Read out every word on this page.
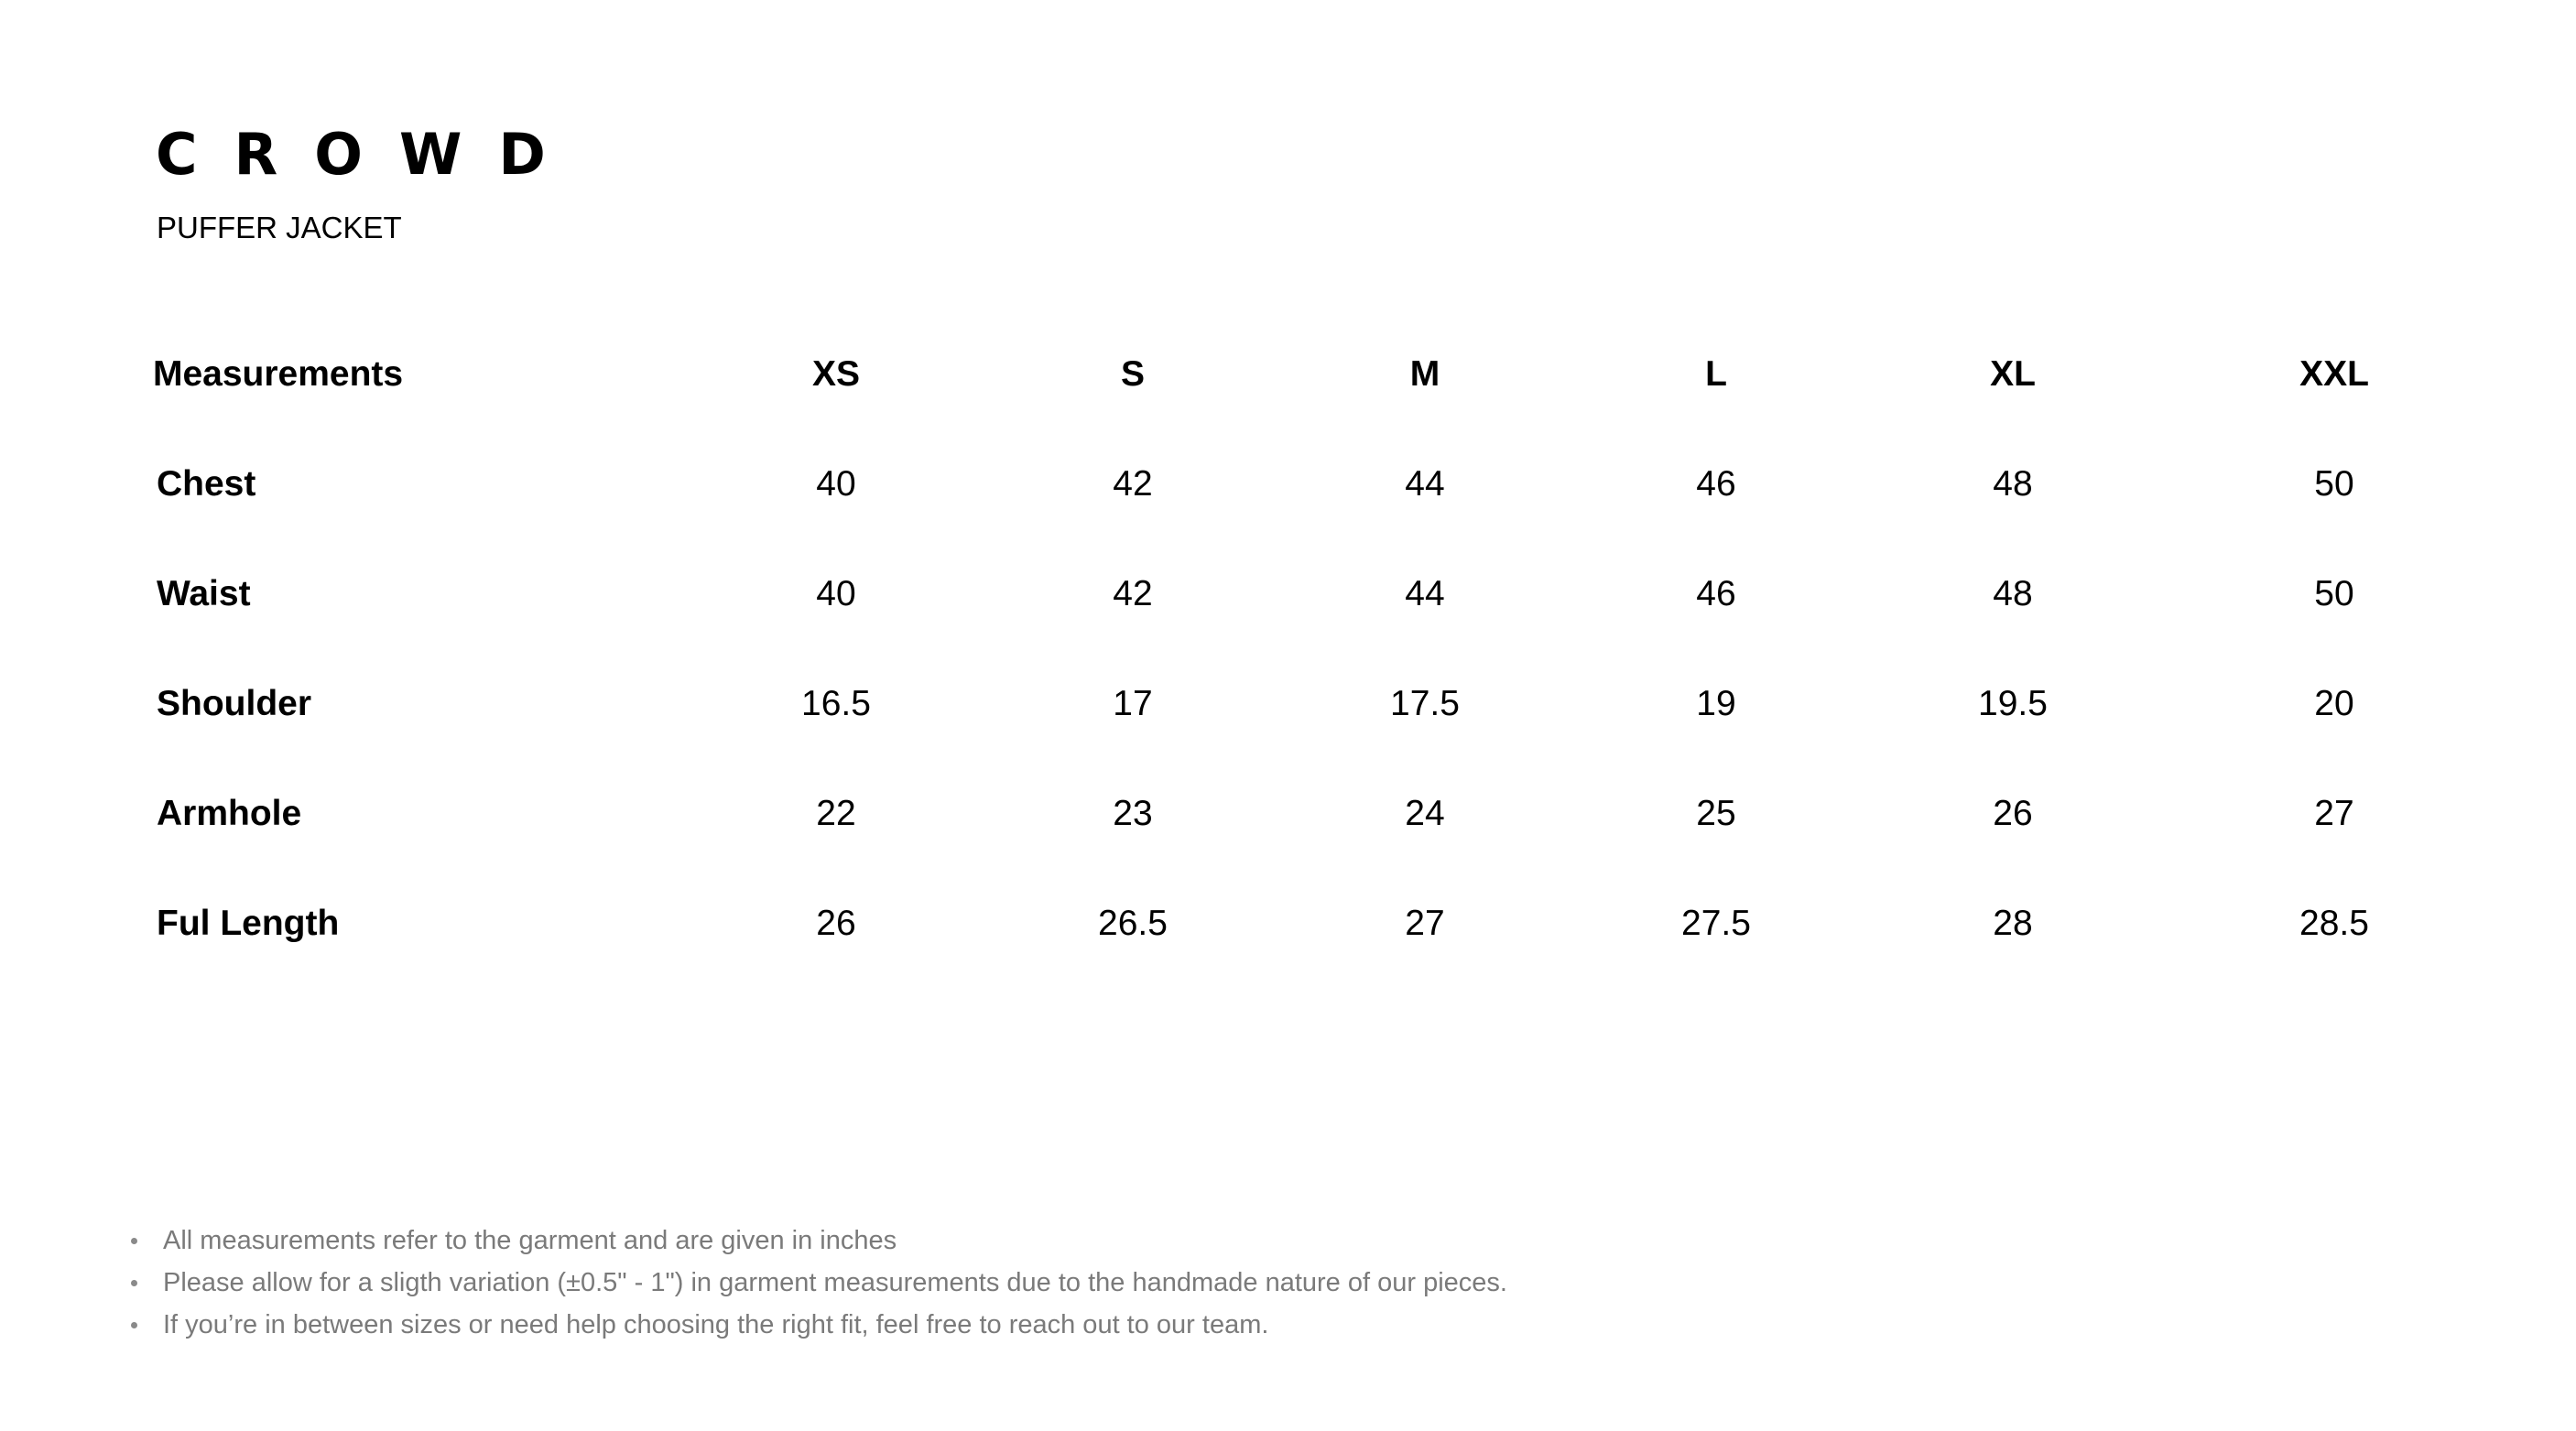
CROWD
PUFFER JACKET
Measurements	XS	S	M	L	XL	XXL
Chest	40	42	44	46	48	50
Waist	40	42	44	46	48	50
Shoulder	16.5	17	17.5	19	19.5	20
Armhole	22	23	24	25	26	27
Ful Length	26	26.5	27	27.5	28	28.5
All measurements refer to the garment and are given in inches
Please allow for a sligth variation (±0.5" - 1") in garment measurements due to the handmade nature of our pieces.
If you’re in between sizes or need help choosing the right fit, feel free to reach out to our team.
